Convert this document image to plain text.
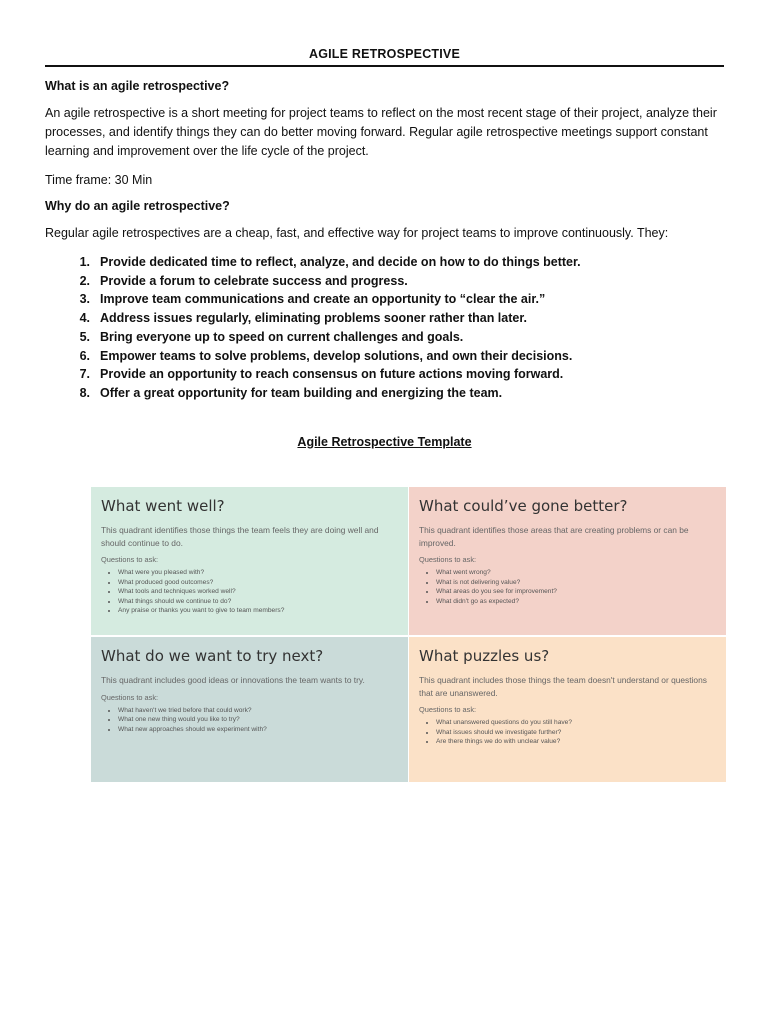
AGILE RETROSPECTIVE
What is an agile retrospective?
An agile retrospective is a short meeting for project teams to reflect on the most recent stage of their project, analyze their processes, and identify things they can do better moving forward. Regular agile retrospective meetings support constant learning and improvement over the life cycle of the project.
Time frame: 30 Min
Why do an agile retrospective?
Regular agile retrospectives are a cheap, fast, and effective way for project teams to improve continuously. They:
1. Provide dedicated time to reflect, analyze, and decide on how to do things better.
2. Provide a forum to celebrate success and progress.
3. Improve team communications and create an opportunity to “clear the air.”
4. Address issues regularly, eliminating problems sooner rather than later.
5. Bring everyone up to speed on current challenges and goals.
6. Empower teams to solve problems, develop solutions, and own their decisions.
7. Provide an opportunity to reach consensus on future actions moving forward.
8. Offer a great opportunity for team building and energizing the team.
Agile Retrospective Template
What went well?
This quadrant identifies those things the team feels they are doing well and should continue to do.
Questions to ask:
• What were you pleased with?
• What produced good outcomes?
• What tools and techniques worked well?
• What things should we continue to do?
• Any praise or thanks you want to give to team members?
What could’ve gone better?
This quadrant identifies those areas that are creating problems or can be improved.
Questions to ask:
• What went wrong?
• What is not delivering value?
• What areas do you see for improvement?
• What didn't go as expected?
What do we want to try next?
This quadrant includes good ideas or innovations the team wants to try.
Questions to ask:
• What haven't we tried before that could work?
• What one new thing would you like to try?
• What new approaches should we experiment with?
What puzzles us?
This quadrant includes those things the team doesn't understand or questions that are unanswered.
Questions to ask:
• What unanswered questions do you still have?
• What issues should we investigate further?
• Are there things we do with unclear value?
